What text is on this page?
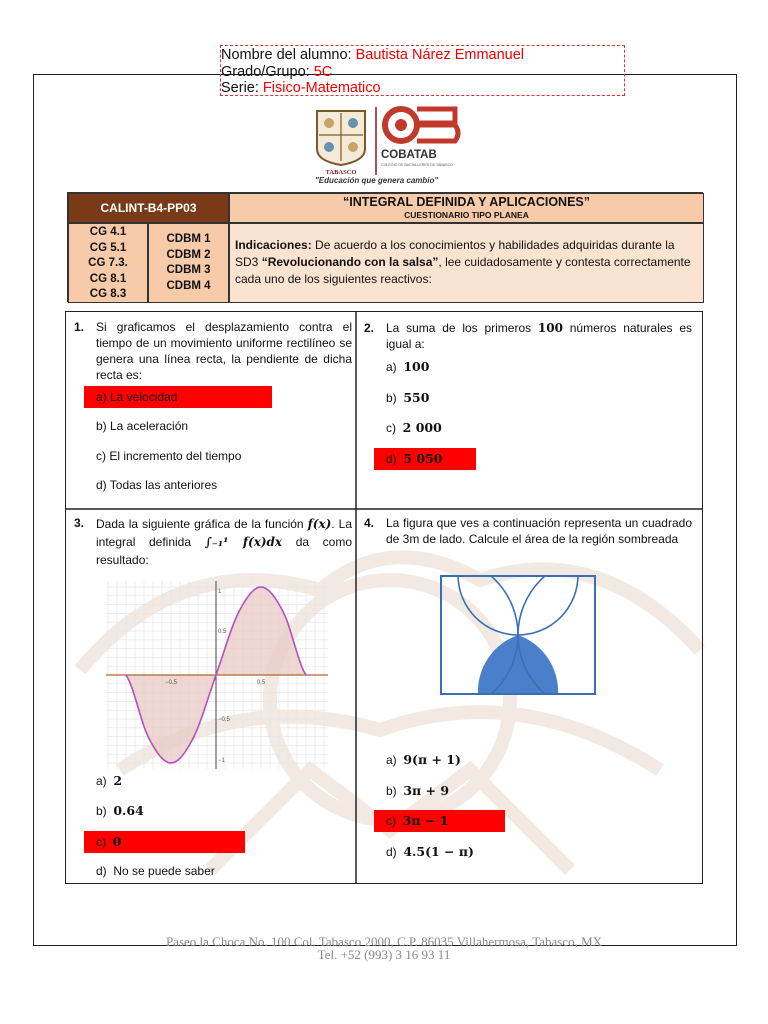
Nombre del alumno: Bautista Nárez Emmanuel
Grado/Grupo: 5C
Serie: Fisico-Matematico
TABASCO
COBATAB
COLEGIO DE BACHILLERES DE TABASCO
"Educación que genera cambio"
CALINT-B4-PP03	“INTEGRAL DEFINIDA Y APLICACIONES”
CUESTIONARIO TIPO PLANEA
CG 4.1
CG 5.1
CG 7.3.
CG 8.1
CG 8.3
CDBM 1
CDBM 2
CDBM 3
CDBM 4
Indicaciones: De acuerdo a los conocimientos y habilidades adquiridas durante la SD3 “Revolucionando con la salsa”, lee cuidadosamente y contesta correctamente cada uno de los siguientes reactivos:
1. Si graficamos el desplazamiento contra el tiempo de un movimiento uniforme rectilíneo se genera una línea recta, la pendiente de dicha recta es:
a) La velocidad
b) La aceleración
c) El incremento del tiempo
d) Todas las anteriores
2. La suma de los primeros 100 números naturales es igual a:
a)
100
b)
550
c)
2 000
d)
5 050
3. Dada la siguiente gráfica de la función f(x). La integral definida ∫₋₁¹ f(x)dx da como resultado:
−0.5	0.5
1
0.5
−0.5
−1
a)
2
b)
0.64
c)
0
d)
No se puede saber
4. La figura que ves a continuación representa un cuadrado de 3m de lado. Calcule el área de la región sombreada
a)
9(π + 1)
b)
3π + 9
c)
3π − 1
d)
4.5(1 − π)
Paseo la Choca No. 100 Col. Tabasco 2000, C.P. 86035 Villahermosa, Tabasco, MX
Tel. +52 (993) 3 16 93 11
